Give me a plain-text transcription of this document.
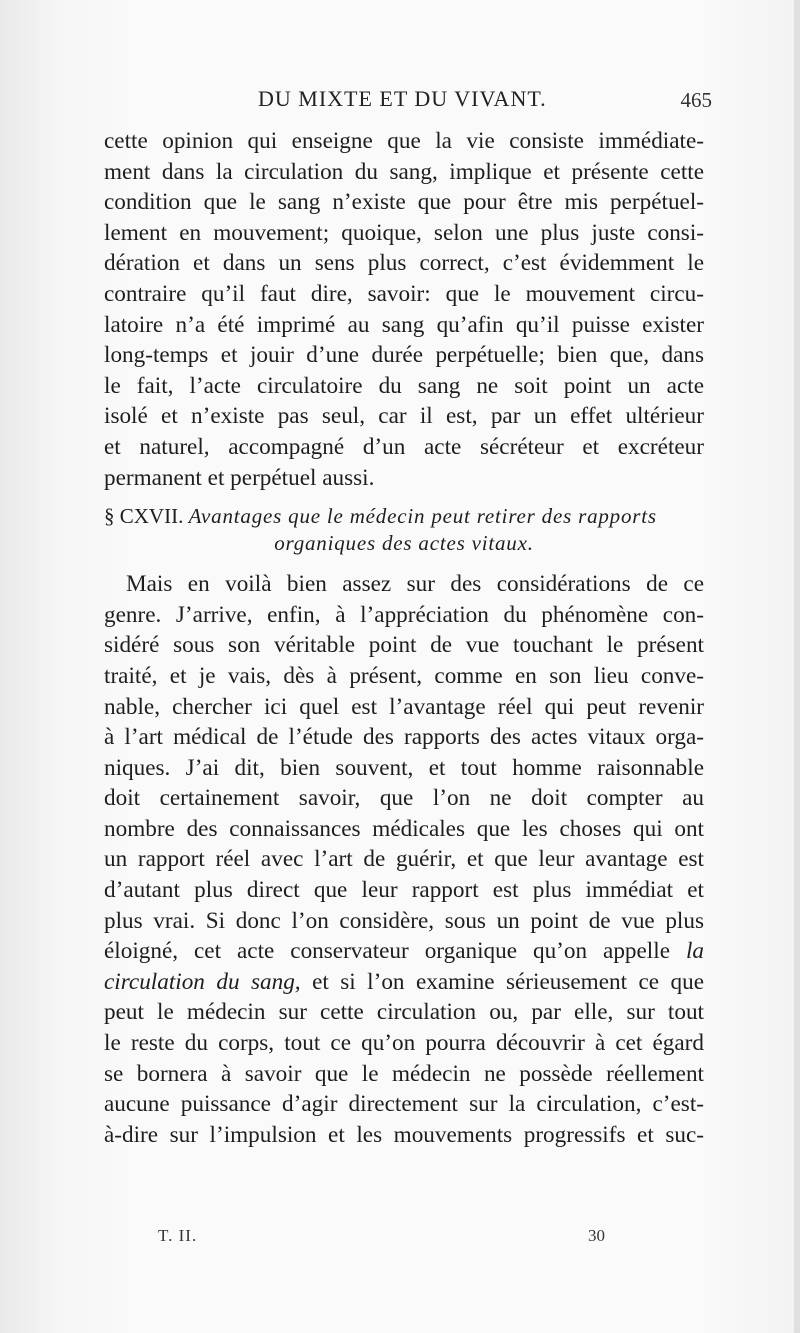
DU MIXTE ET DU VIVANT.	465
cette opinion qui enseigne que la vie consiste immédiate-
ment dans la circulation du sang, implique et présente cette
condition que le sang n’existe que pour être mis perpétuel-
lement en mouvement; quoique, selon une plus juste consi-
dération et dans un sens plus correct, c’est évidemment le
contraire qu’il faut dire, savoir: que le mouvement circu-
latoire n’a été imprimé au sang qu’afin qu’il puisse exister
long-temps et jouir d’une durée perpétuelle; bien que, dans
le fait, l’acte circulatoire du sang ne soit point un acte
isolé et n’existe pas seul, car il est, par un effet ultérieur
et naturel, accompagné d’un acte sécréteur et excréteur
permanent et perpétuel aussi.
§ CXVII. Avantages que le médecin peut retirer des rapports
organiques des actes vitaux.
Mais en voilà bien assez sur des considérations de ce
genre. J’arrive, enfin, à l’appréciation du phénomène con-
sidéré sous son véritable point de vue touchant le présent
traité, et je vais, dès à présent, comme en son lieu conve-
nable, chercher ici quel est l’avantage réel qui peut revenir
à l’art médical de l’étude des rapports des actes vitaux orga-
niques. J’ai dit, bien souvent, et tout homme raisonnable
doit certainement savoir, que l’on ne doit compter au
nombre des connaissances médicales que les choses qui ont
un rapport réel avec l’art de guérir, et que leur avantage est
d’autant plus direct que leur rapport est plus immédiat et
plus vrai. Si donc l’on considère, sous un point de vue plus
éloigné, cet acte conservateur organique qu’on appelle la
circulation du sang, et si l’on examine sérieusement ce que
peut le médecin sur cette circulation ou, par elle, sur tout
le reste du corps, tout ce qu’on pourra découvrir à cet égard
se bornera à savoir que le médecin ne possède réellement
aucune puissance d’agir directement sur la circulation, c’est-
à-dire sur l’impulsion et les mouvements progressifs et suc-
T. II.	30
